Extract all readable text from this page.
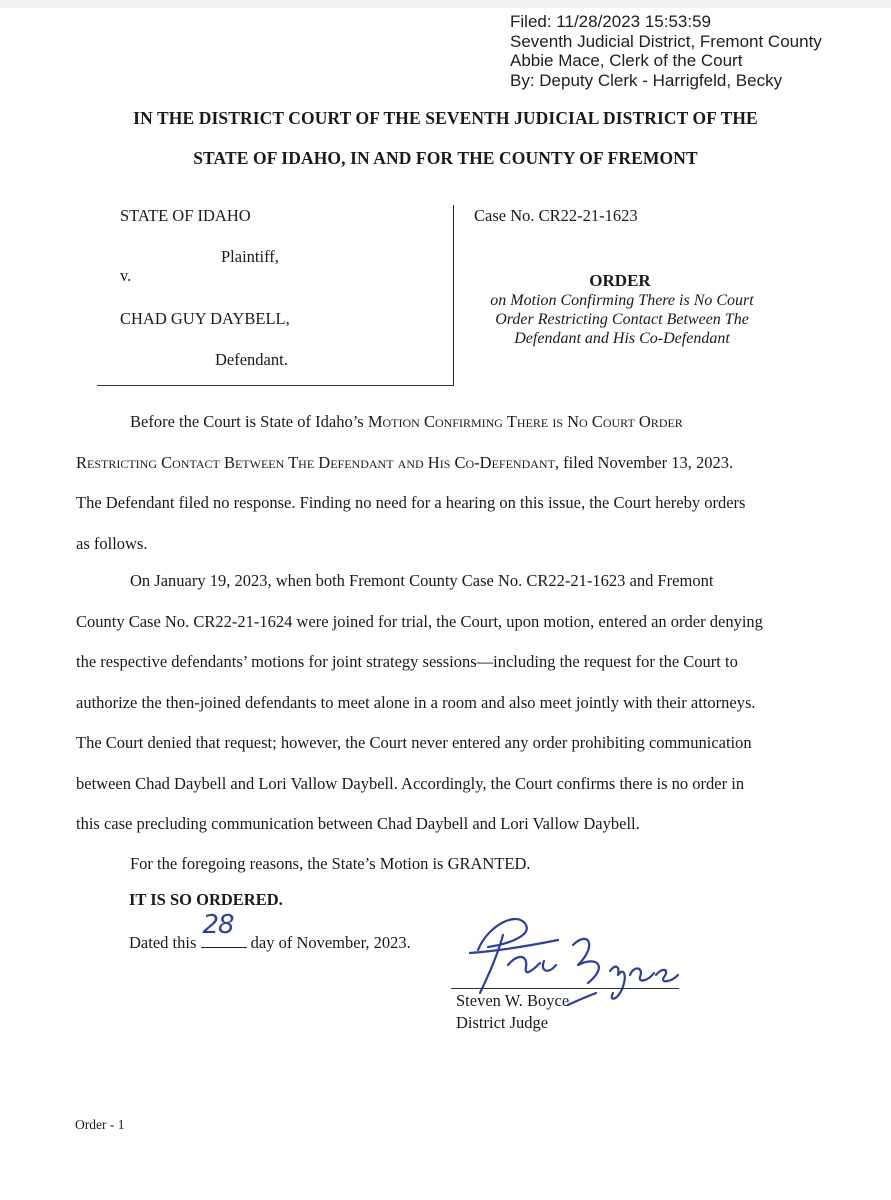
Filed: 11/28/2023 15:53:59
Seventh Judicial District, Fremont County
Abbie Mace, Clerk of the Court
By: Deputy Clerk - Harrigfeld, Becky
IN THE DISTRICT COURT OF THE SEVENTH JUDICIAL DISTRICT OF THE
STATE OF IDAHO, IN AND FOR THE COUNTY OF FREMONT
STATE OF IDAHO
Plaintiff,
v.
CHAD GUY DAYBELL,
Defendant.
Case No. CR22-21-1623
ORDER
on Motion Confirming There is No Court
Order Restricting Contact Between The
Defendant and His Co-Defendant
Before the Court is State of Idaho’s Motion Confirming There is No Court Order
Restricting Contact Between The Defendant and His Co-Defendant, filed November 13, 2023.
The Defendant filed no response. Finding no need for a hearing on this issue, the Court hereby orders
as follows.
On January 19, 2023, when both Fremont County Case No. CR22-21-1623 and Fremont
County Case No. CR22-21-1624 were joined for trial, the Court, upon motion, entered an order denying
the respective defendants’ motions for joint strategy sessions—including the request for the Court to
authorize the then-joined defendants to meet alone in a room and also meet jointly with their attorneys.
The Court denied that request; however, the Court never entered any order prohibiting communication
between Chad Daybell and Lori Vallow Daybell. Accordingly, the Court confirms there is no order in
this case precluding communication between Chad Daybell and Lori Vallow Daybell.
For the foregoing reasons, the State’s Motion is GRANTED.
IT IS SO ORDERED.
Dated this
28
day of November, 2023.
Steven W. Boyce
District Judge
Order - 1
